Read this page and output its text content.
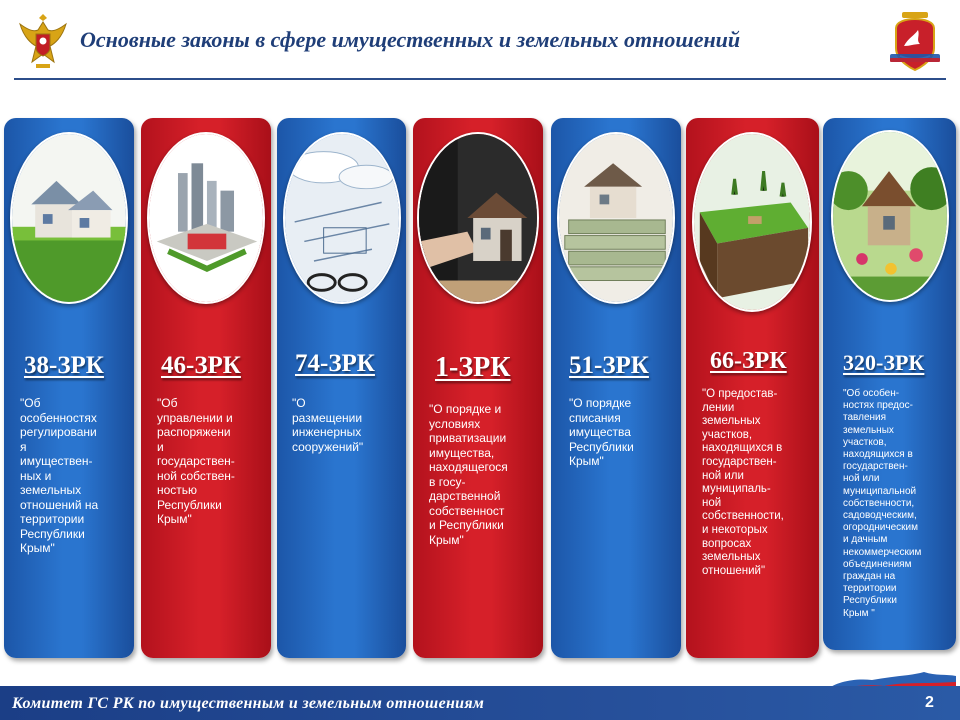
Основные законы в сфере имущественных и земельных отношений
38-ЗРК
"Об
особенностях
регулировани
я
имуществен-
ных и
земельных
отношений на
территории
Республики
Крым"
46-ЗРК
"Об
управлении и
распоряжени
и
государствен-
ной собствен-
ностью
Республики
Крым"
74-ЗРК
"О
размещении
инженерных
сооружений"
1-ЗРК
"О порядке и
условиях
приватизации
имущества,
находящегося
в госу-
дарственной
собственност
и Республики
Крым"
51-ЗРК
"О порядке
списания
имущества
Республики
Крым"
66-ЗРК
"О предостав-
лении
земельных
участков,
находящихся в
государствен-
ной или
муниципаль-
ной
собственности,
и некоторых
вопросах
земельных
отношений"
320-ЗРК
"Об особен-
ностях предос-
тавления
земельных
участков,
находящихся в
государствен-
ной или
муниципальной
собственности,
садоводческим,
огородническим
и дачным
некоммерческим
объединениям
граждан на
территории
Республики
Крым "
Комитет ГС РК по имущественным и земельным отношениям	2
